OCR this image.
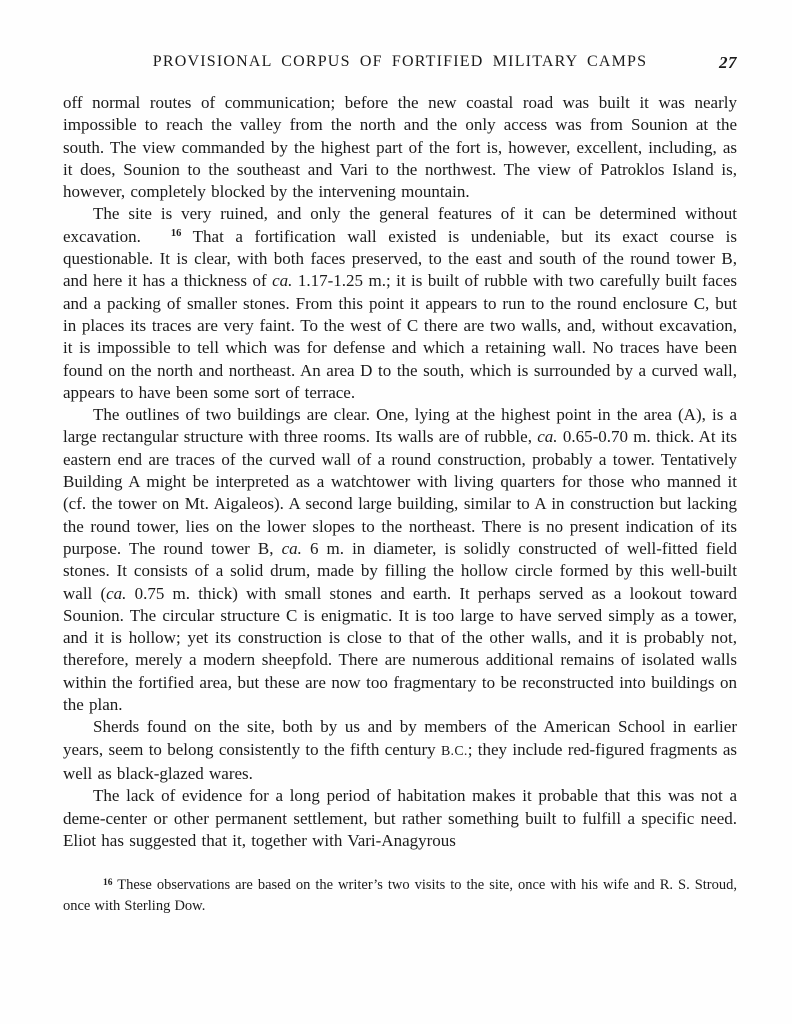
PROVISIONAL CORPUS OF FORTIFIED MILITARY CAMPS	27

off normal routes of communication; before the new coastal road was built it was nearly impossible to reach the valley from the north and the only access was from Sounion at the south. The view commanded by the highest part of the fort is, however, excellent, including, as it does, Sounion to the southeast and Vari to the northwest. The view of Patroklos Island is, however, completely blocked by the intervening mountain.

The site is very ruined, and only the general features of it can be determined without excavation.	16 That a fortification wall existed is undeniable, but its exact course is questionable. It is clear, with both faces preserved, to the east and south of the round tower B, and here it has a thickness of ca. 1.17-1.25 m.; it is built of rubble with two carefully built faces and a packing of smaller stones. From this point it appears to run to the round enclosure C, but in places its traces are very faint. To the west of C there are two walls, and, without excavation, it is impossible to tell which was for defense and which a retaining wall. No traces have been found on the north and northeast. An area D to the south, which is surrounded by a curved wall, appears to have been some sort of terrace.

The outlines of two buildings are clear. One, lying at the highest point in the area (A), is a large rectangular structure with three rooms. Its walls are of rubble, ca. 0.65-0.70 m. thick. At its eastern end are traces of the curved wall of a round construction, probably a tower. Tentatively Building A might be interpreted as a watchtower with living quarters for those who manned it (cf. the tower on Mt. Aigaleos). A second large building, similar to A in construction but lacking the round tower, lies on the lower slopes to the northeast. There is no present indication of its purpose. The round tower B, ca. 6 m. in diameter, is solidly constructed of well-fitted field stones. It consists of a solid drum, made by filling the hollow circle formed by this well-built wall (ca. 0.75 m. thick) with small stones and earth. It perhaps served as a lookout toward Sounion. The circular structure C is enigmatic. It is too large to have served simply as a tower, and it is hollow; yet its construction is close to that of the other walls, and it is probably not, therefore, merely a modern sheepfold. There are numerous additional remains of isolated walls within the fortified area, but these are now too fragmentary to be reconstructed into buildings on the plan.

Sherds found on the site, both by us and by members of the American School in earlier years, seem to belong consistently to the fifth century B.C.; they include red-figured fragments as well as black-glazed wares.

The lack of evidence for a long period of habitation makes it probable that this was not a deme-center or other permanent settlement, but rather something built to fulfill a specific need. Eliot has suggested that it, together with Vari-Anagyrous

16 These observations are based on the writer’s two visits to the site, once with his wife and R. S. Stroud, once with Sterling Dow.
